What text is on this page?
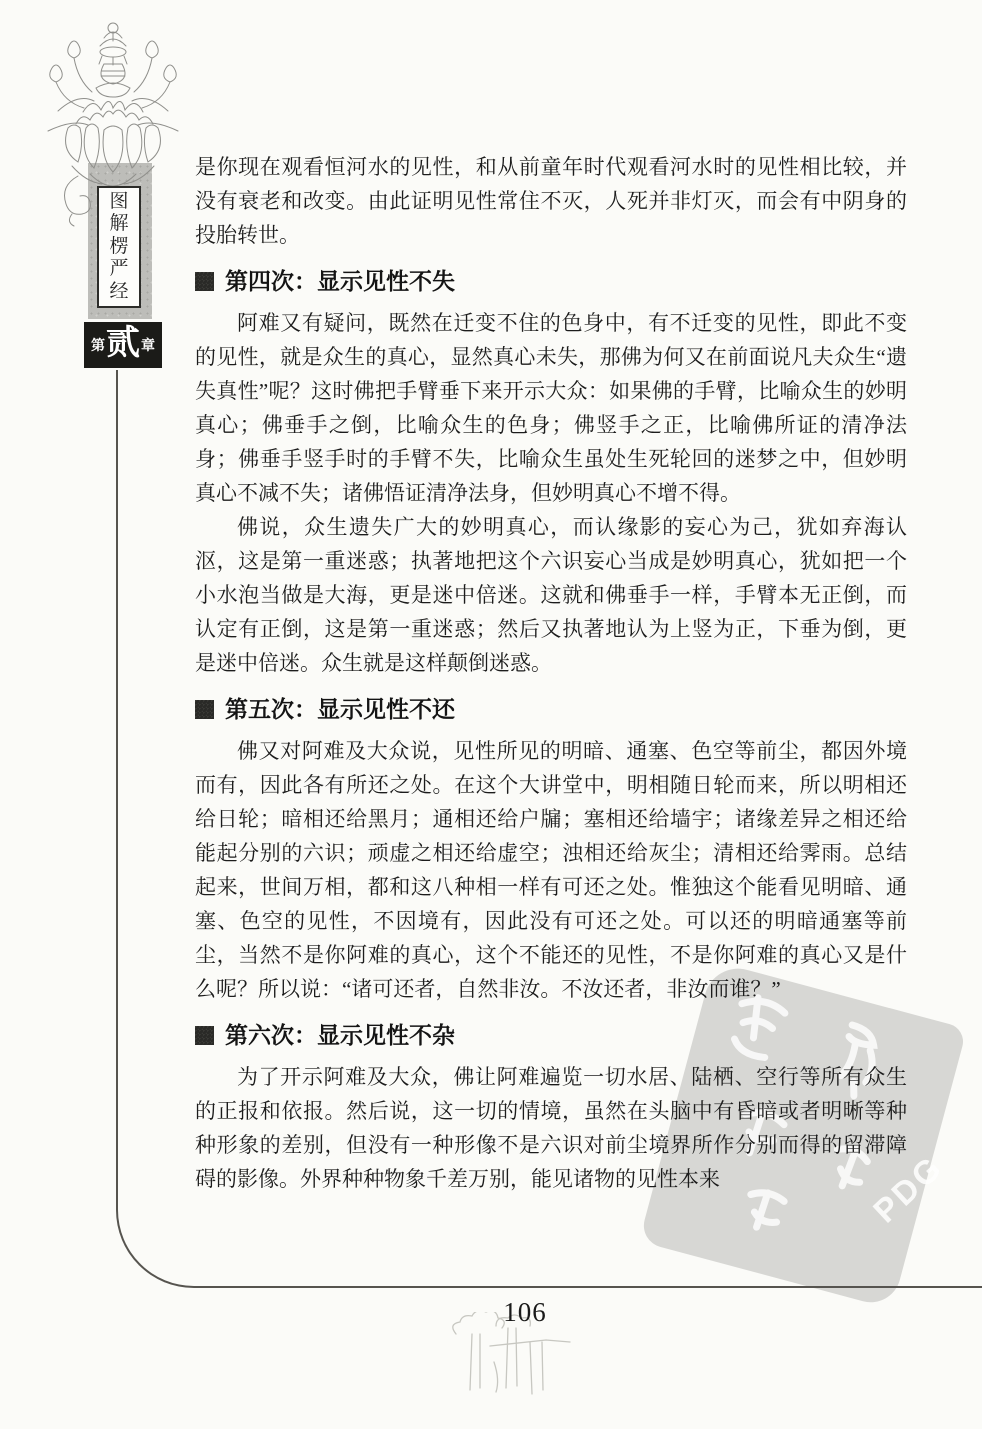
PDG
图解楞严经
第 贰 章

是你现在观看恒河水的见性，和从前童年时代观看河水时的见性相比较，并没有衰老和改变。由此证明见性常住不灭，人死并非灯灭，而会有中阴身的投胎转世。

第四次：显示见性不失

阿难又有疑问，既然在迁变不住的色身中，有不迁变的见性，即此不变的见性，就是众生的真心，显然真心未失，那佛为何又在前面说凡夫众生“遗失真性”呢？这时佛把手臂垂下来开示大众：如果佛的手臂，比喻众生的妙明真心；佛垂手之倒，比喻众生的色身；佛竖手之正，比喻佛所证的清净法身；佛垂手竖手时的手臂不失，比喻众生虽处生死轮回的迷梦之中，但妙明真心不减不失；诸佛悟证清净法身，但妙明真心不增不得。

佛说，众生遗失广大的妙明真心，而认缘影的妄心为己，犹如弃海认沤，这是第一重迷惑；执著地把这个六识妄心当成是妙明真心，犹如把一个小水泡当做是大海，更是迷中倍迷。这就和佛垂手一样，手臂本无正倒，而认定有正倒，这是第一重迷惑；然后又执著地认为上竖为正，下垂为倒，更是迷中倍迷。众生就是这样颠倒迷惑。

第五次：显示见性不还

佛又对阿难及大众说，见性所见的明暗、通塞、色空等前尘，都因外境而有，因此各有所还之处。在这个大讲堂中，明相随日轮而来，所以明相还给日轮；暗相还给黑月；通相还给户牖；塞相还给墙宇；诸缘差异之相还给能起分别的六识；顽虚之相还给虚空；浊相还给灰尘；清相还给霁雨。总结起来，世间万相，都和这八种相一样有可还之处。惟独这个能看见明暗、通塞、色空的见性，不因境有，因此没有可还之处。可以还的明暗通塞等前尘，当然不是你阿难的真心，这个不能还的见性，不是你阿难的真心又是什么呢？所以说：“诸可还者，自然非汝。不汝还者，非汝而谁？”

第六次：显示见性不杂

为了开示阿难及大众，佛让阿难遍览一切水居、陆栖、空行等所有众生的正报和依报。然后说，这一切的情境，虽然在头脑中有昏暗或者明晰等种种形象的差别，但没有一种形像不是六识对前尘境界所作分别而得的留滞障碍的影像。外界种种物象千差万别，能见诸物的见性本来

106
